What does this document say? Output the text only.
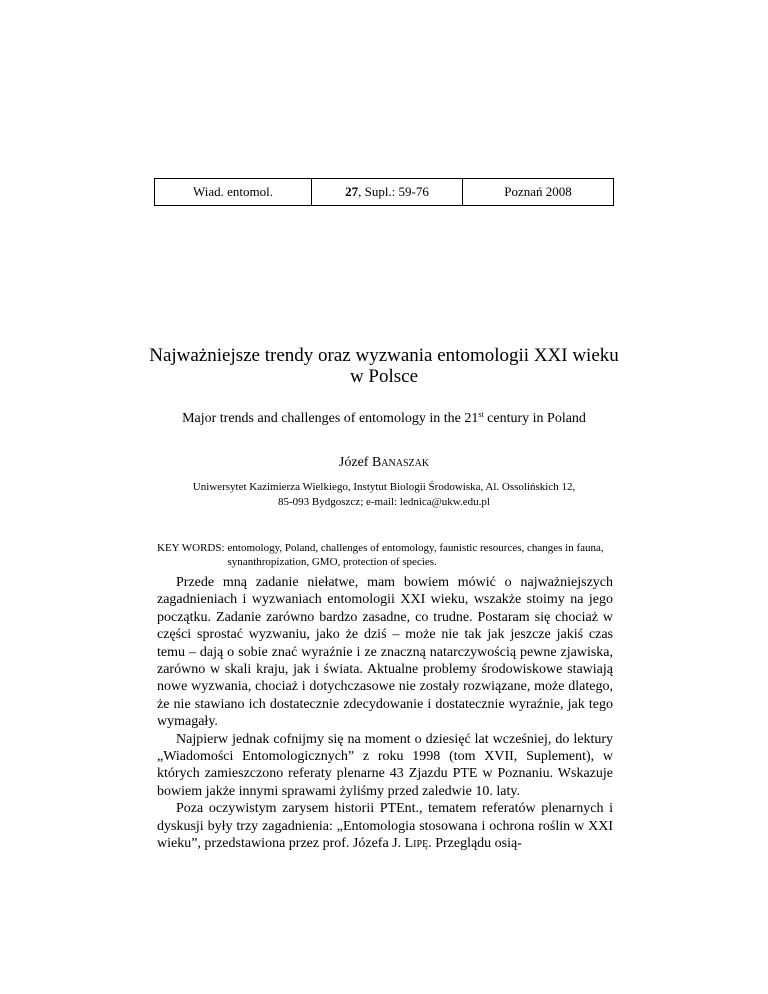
Wiad. entomol.	27 , Supl.: 59-76	Poznań 2008
Najważniejsze trendy oraz wyzwania entomologii XXI wieku
w Polsce
Major trends and challenges of entomology in the 21st century in Poland
Józef Banaszak
Uniwersytet Kazimierza Wielkiego, Instytut Biologii Środowiska, Al. Ossolińskich 12,
85-093 Bydgoszcz; e-mail: lednica@ukw.edu.pl
KEY WORDS: entomology, Poland, challenges of entomology, faunistic resources, changes in fauna, synanthropization, GMO, protection of species.

Przede mną zadanie niełatwe, mam bowiem mówić o najważniejszych zagadnieniach i wyzwaniach entomologii XXI wieku, wszakże stoimy na jego początku. Zadanie zarówno bardzo zasadne, co trudne. Postaram się chociaż w części sprostać wyzwaniu, jako że dziś – może nie tak jak jeszcze jakiś czas temu – dają o sobie znać wyraźnie i ze znaczną natarczywością pewne zjawiska, zarówno w skali kraju, jak i świata. Aktualne problemy środowiskowe stawiają nowe wyzwania, chociaż i dotychczasowe nie zostały rozwiązane, może dlatego, że nie stawiano ich dostatecznie zdecydowanie i dostatecznie wyraźnie, jak tego wymagały.

Najpierw jednak cofnijmy się na moment o dziesięć lat wcześniej, do lektury „Wiadomości Entomologicznych” z roku 1998 (tom XVII, Suplement), w których zamieszczono referaty plenarne 43 Zjazdu PTE w Poznaniu. Wskazuje bowiem jakże innymi sprawami żyliśmy przed zaledwie 10. laty.

Poza oczywistym zarysem historii PTEnt., tematem referatów plenarnych i dyskusji były trzy zagadnienia: „Entomologia stosowana i ochrona roślin w XXI wieku”, przedstawiona przez prof. Józefa J. Lipę. Przeglądu osią-
